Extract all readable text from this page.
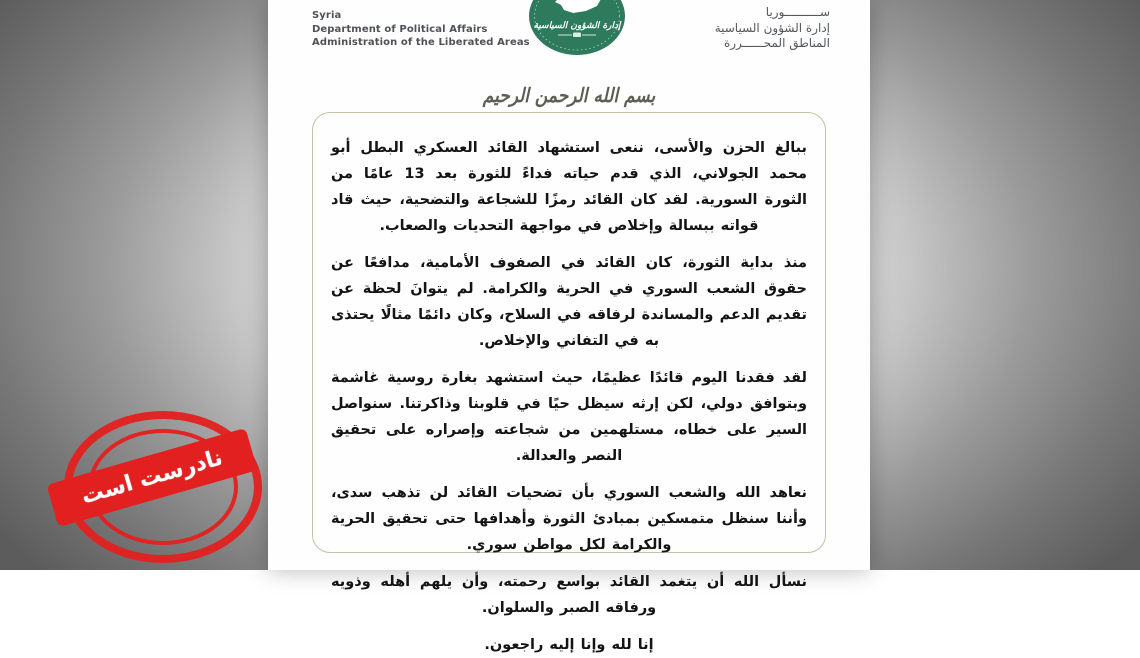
Syria
Department of Political Affairs
Administration of the Liberated Areas
إدارة الشؤون السياسية
ســــــــــوريا
إدارة الشؤون السياسية
المناطق المحــــــررة
بسم الله الرحمن الرحيم

ببالغ الحزن والأسى، ننعى استشهاد القائد العسكري البطل أبو محمد الجولاني، الذي قدم حياته فداءً للثورة بعد 13 عامًا من الثورة السورية. لقد كان القائد رمزًا للشجاعة والتضحية، حيث قاد قواته ببسالة وإخلاص في مواجهة التحديات والصعاب.

منذ بداية الثورة، كان القائد في الصفوف الأمامية، مدافعًا عن حقوق الشعب السوري في الحرية والكرامة. لم يتوانَ لحظة عن تقديم الدعم والمساندة لرفاقه في السلاح، وكان دائمًا مثالًا يحتذى به في التفاني والإخلاص.

لقد فقدنا اليوم قائدًا عظيمًا، حيث استشهد بغارة روسية غاشمة وبتوافق دولي، لكن إرثه سيظل حيًا في قلوبنا وذاكرتنا. سنواصل السير على خطاه، مستلهمين من شجاعته وإصراره على تحقيق النصر والعدالة.

نعاهد الله والشعب السوري بأن تضحيات القائد لن تذهب سدى، وأننا سنظل متمسكين بمبادئ الثورة وأهدافها حتى تحقيق الحرية والكرامة لكل مواطن سوري.

نسأل الله أن يتغمد القائد بواسع رحمته، وأن يلهم أهله وذويه ورفاقه الصبر والسلوان.

إنا لله وإنا إليه راجعون.

نادرست است
